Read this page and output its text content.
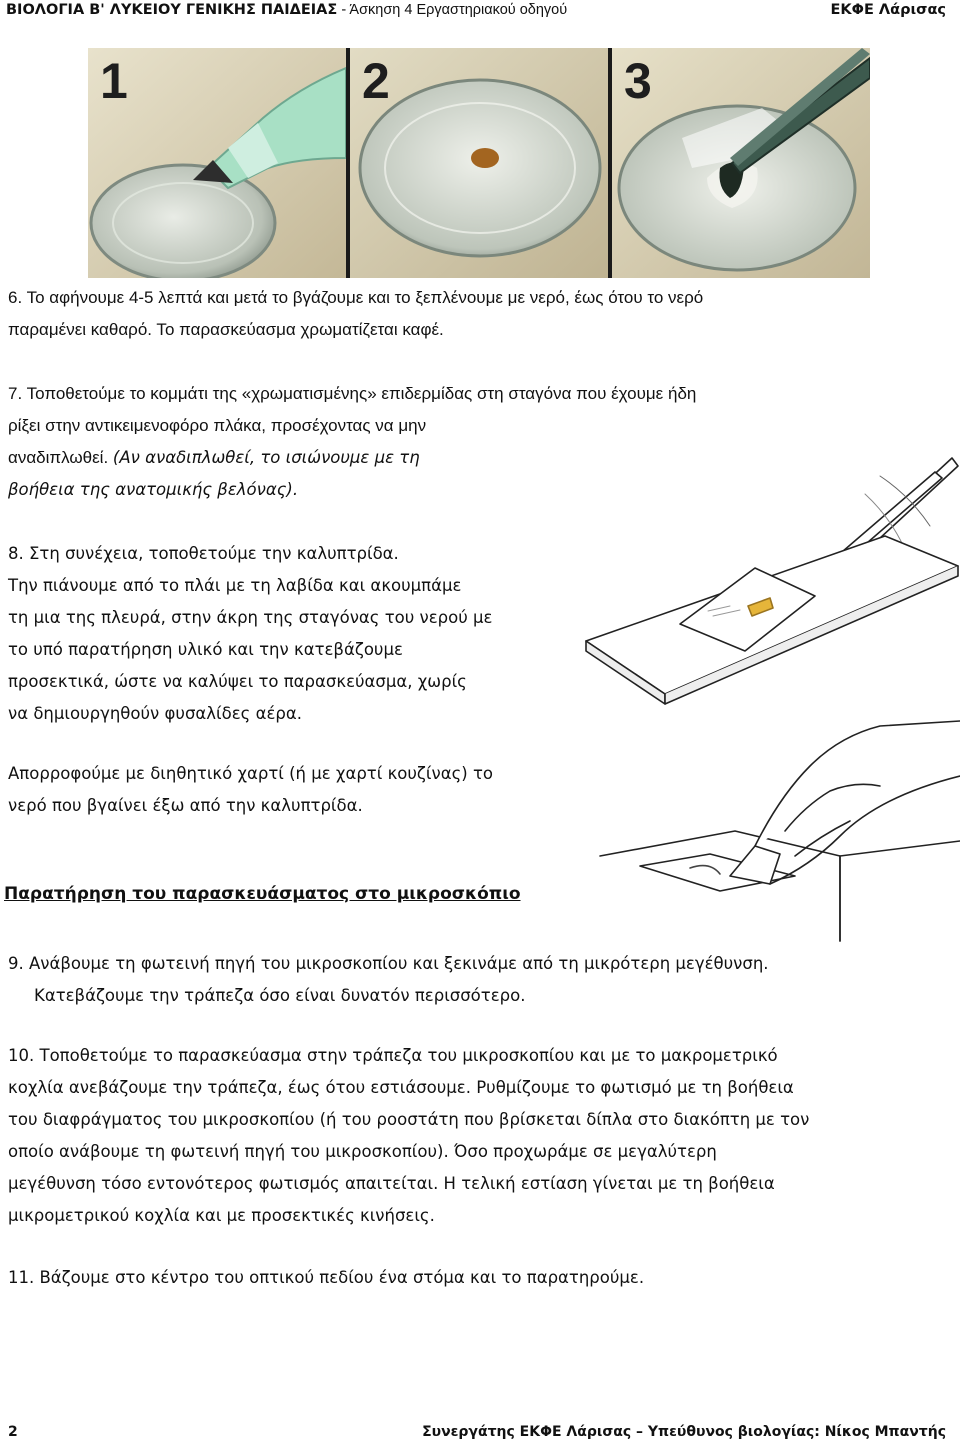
ΒΙΟΛΟΓΙΑ Β' ΛΥΚΕΙΟΥ ΓΕΝΙΚΗΣ ΠΑΙΔΕΙΑΣ - Άσκηση 4 Εργαστηριακού οδηγού	ΕΚΦΕ Λάρισας
1	2	3
6. Το αφήνουμε 4-5 λεπτά και μετά το βγάζουμε και το ξεπλένουμε με νερό, έως ότου το νερό
παραμένει καθαρό. Το παρασκεύασμα χρωματίζεται καφέ.
7. Τοποθετούμε το κομμάτι της «χρωματισμένης» επιδερμίδας στη σταγόνα που έχουμε ήδη
ρίξει στην αντικειμενοφόρο πλάκα, προσέχοντας να μην
αναδιπλωθεί. (Αν αναδιπλωθεί, το ισιώνουμε με τη
βοήθεια της ανατομικής βελόνας).
8. Στη συνέχεια, τοποθετούμε την καλυπτρίδα.
Την πιάνουμε από το πλάι με τη λαβίδα και ακουμπάμε
τη μια της πλευρά, στην άκρη της σταγόνας του νερού με
το υπό παρατήρηση υλικό και την κατεβάζουμε
προσεκτικά, ώστε να καλύψει το παρασκεύασμα, χωρίς
να δημιουργηθούν φυσαλίδες αέρα.
Απορροφούμε με διηθητικό χαρτί (ή με χαρτί κουζίνας) το
νερό που βγαίνει έξω από την καλυπτρίδα.
Παρατήρηση του παρασκευάσματος στο μικροσκόπιο
9. Ανάβουμε τη φωτεινή πηγή του μικροσκοπίου και ξεκινάμε από τη μικρότερη μεγέθυνση.
Κατεβάζουμε την τράπεζα όσο είναι δυνατόν περισσότερο.
10. Τοποθετούμε το παρασκεύασμα στην τράπεζα του μικροσκοπίου και με το μακρομετρικό
κοχλία ανεβάζουμε την τράπεζα, έως ότου εστιάσουμε. Ρυθμίζουμε το φωτισμό με τη βοήθεια
του διαφράγματος του μικροσκοπίου (ή του ροοστάτη που βρίσκεται δίπλα στο διακόπτη με τον
οποίο ανάβουμε τη φωτεινή πηγή του μικροσκοπίου). Όσο προχωράμε σε μεγαλύτερη
μεγέθυνση τόσο εντονότερος φωτισμός απαιτείται. Η τελική εστίαση γίνεται με τη βοήθεια
μικρομετρικού κοχλία και με προσεκτικές κινήσεις.
11. Βάζουμε στο κέντρο του οπτικού πεδίου ένα στόμα και το παρατηρούμε.
2	Συνεργάτης ΕΚΦΕ Λάρισας – Υπεύθυνος βιολογίας: Νίκος Μπαντής
